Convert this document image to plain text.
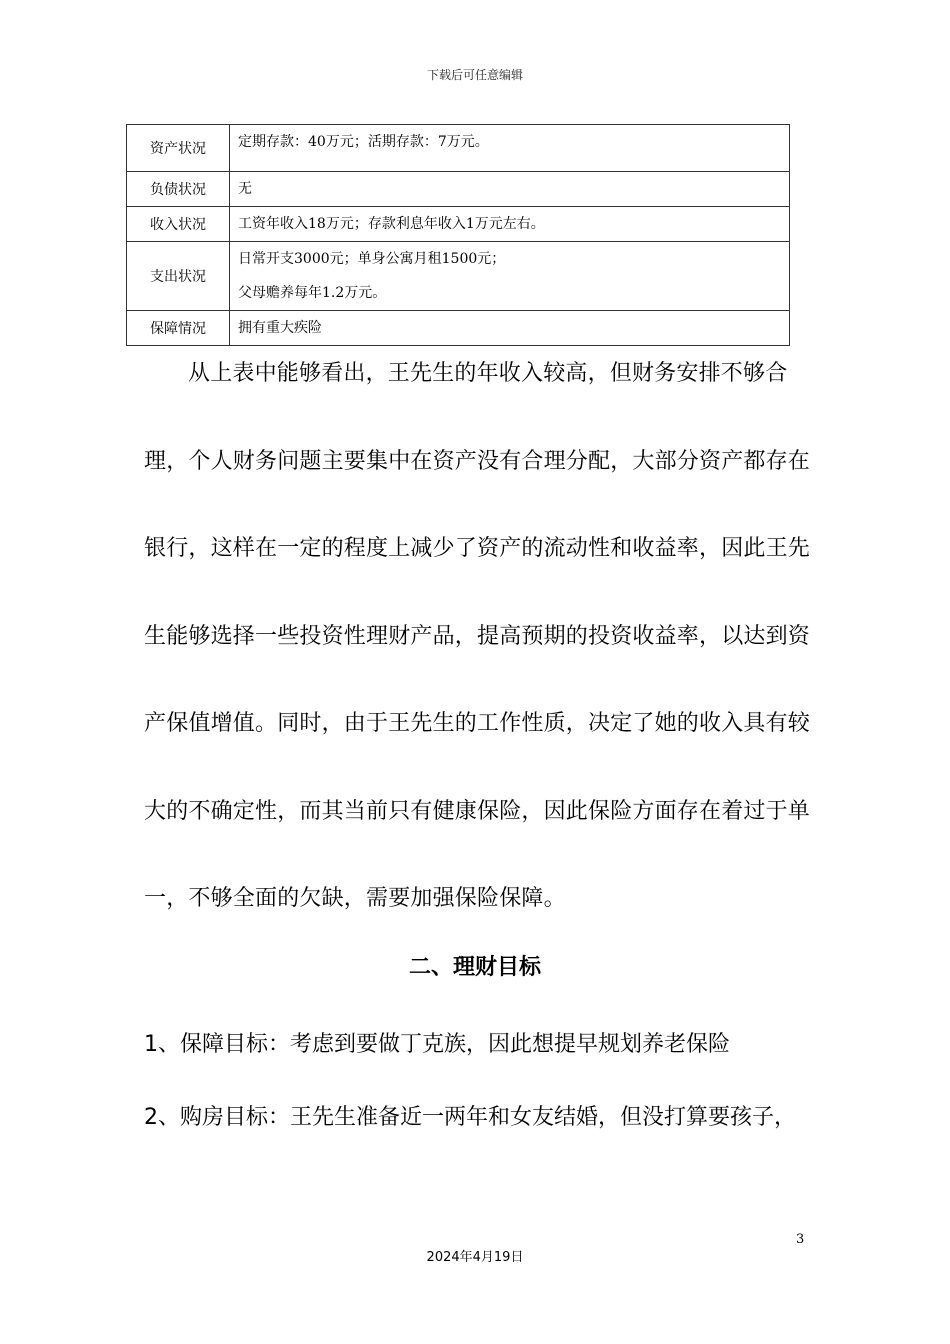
下载后可任意编辑
资产状况	定期存款：40万元；活期存款：7万元。

负债状况	无

收入状况	工资年收入18万元；存款利息年收入1万元左右。

支出状况	日常开支3000元；单身公寓月租1500元；
父母赡养每年1.2万元。

保障情况	拥有重大疾险
从上表中能够看出，王先生的年收入较高，但财务安排不够合理，个人财务问题主要集中在资产没有合理分配，大部分资产都存在银行，这样在一定的程度上减少了资产的流动性和收益率，因此王先生能够选择一些投资性理财产品，提高预期的投资收益率，以达到资产保值增值。同时，由于王先生的工作性质，决定了她的收入具有较大的不确定性，而其当前只有健康保险，因此保险方面存在着过于单一，不够全面的欠缺，需要加强保险保障。
二、理财目标
1、保障目标：考虑到要做丁克族，因此想提早规划养老保险
2、购房目标：王先生准备近一两年和女友结婚，但没打算要孩子，
3
2024年4月19日
